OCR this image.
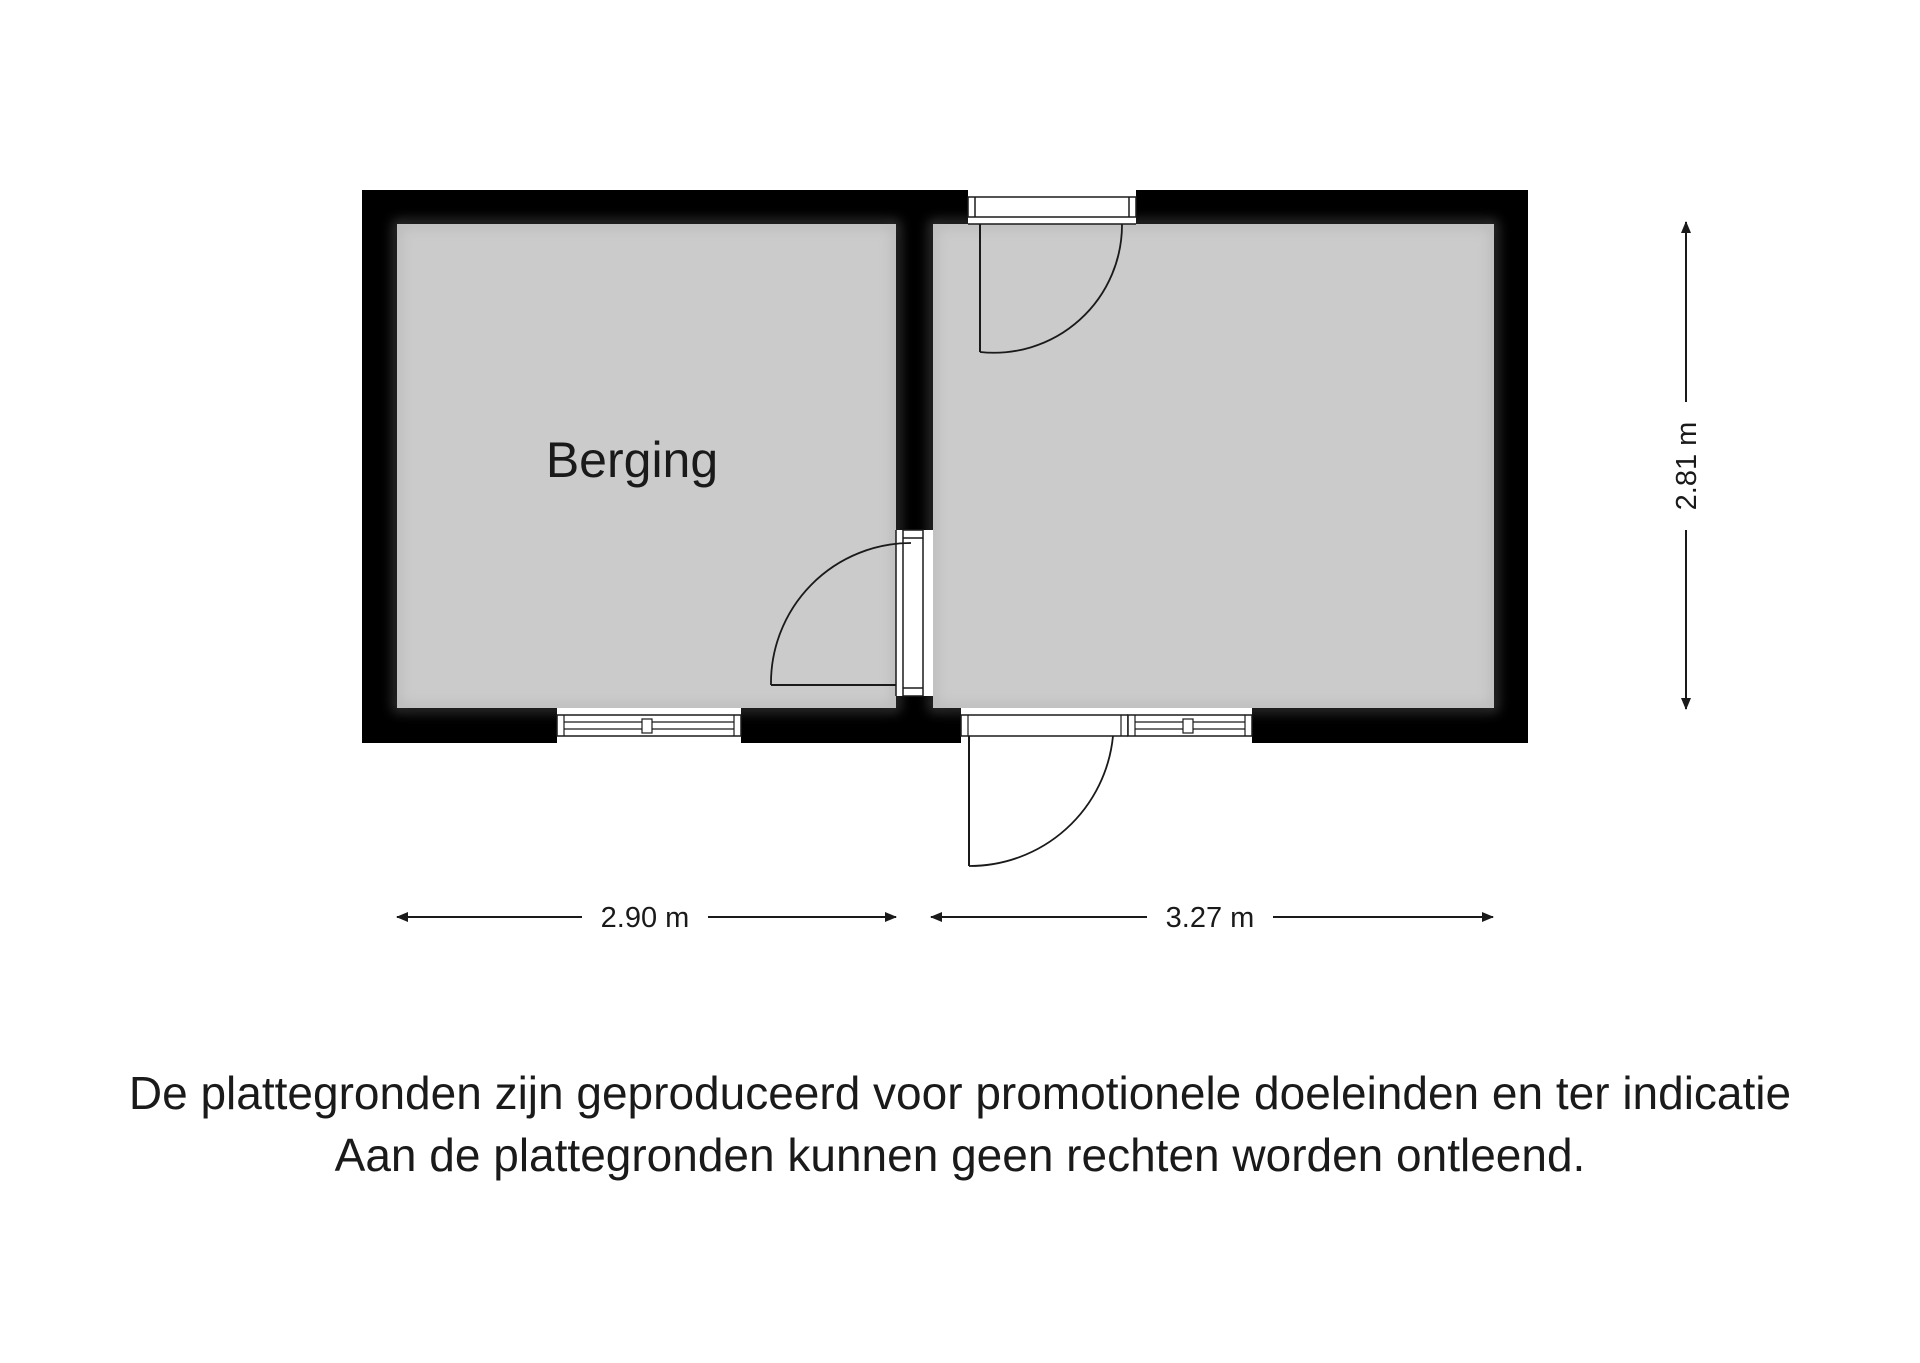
Berging
2.90 m	3.27 m
2.81 m
De plattegronden zijn geproduceerd voor promotionele doeleinden en ter indicatie
Aan de plattegronden kunnen geen rechten worden ontleend.
